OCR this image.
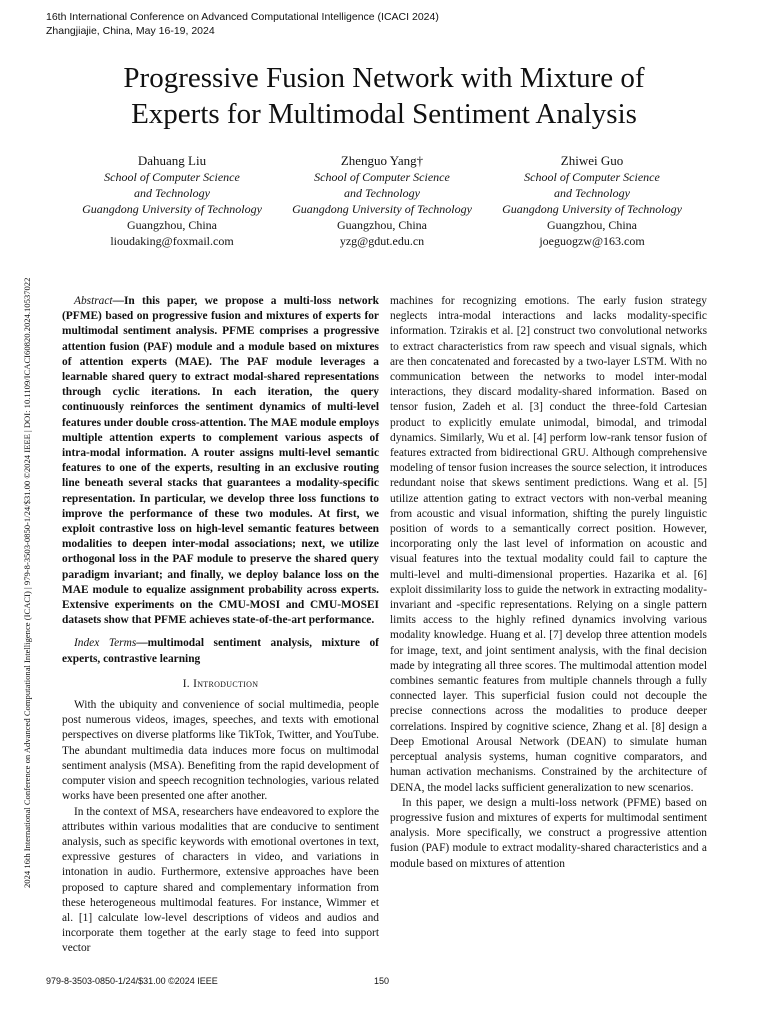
16th International Conference on Advanced Computational Intelligence (ICACI 2024)
Zhangjiajie, China, May 16-19, 2024
2024 16th International Conference on Advanced Computational Intelligence (ICACI) | 979-8-3503-0850-1/24/$31.00 ©2024 IEEE | DOI: 10.1109/ICACI60820.2024.10537022
Progressive Fusion Network with Mixture of
Experts for Multimodal Sentiment Analysis
Dahuang Liu
School of Computer Science
and Technology
Guangdong University of Technology
Guangzhou, China
lioudaking@foxmail.com
Zhenguo Yang†
School of Computer Science
and Technology
Guangdong University of Technology
Guangzhou, China
yzg@gdut.edu.cn
Zhiwei Guo
School of Computer Science
and Technology
Guangdong University of Technology
Guangzhou, China
joeguogzw@163.com

Abstract—In this paper, we propose a multi-loss network (PFME) based on progressive fusion and mixtures of experts for multimodal sentiment analysis. PFME comprises a progressive attention fusion (PAF) module and a module based on mixtures of attention experts (MAE). The PAF module leverages a learnable shared query to extract modal-shared representations through cyclic iterations. In each iteration, the query continuously reinforces the sentiment dynamics of multi-level features under double cross-attention. The MAE module employs multiple attention experts to complement various aspects of intra-modal information. A router assigns multi-level semantic features to one of the experts, resulting in an exclusive routing line beneath several stacks that guarantees a modality-specific representation. In particular, we develop three loss functions to improve the performance of these two modules. At first, we exploit contrastive loss on high-level semantic features between modalities to deepen inter-modal associations; next, we utilize orthogonal loss in the PAF module to preserve the shared query paradigm invariant; and finally, we deploy balance loss on the MAE module to equalize assignment probability across experts. Extensive experiments on the CMU-MOSI and CMU-MOSEI datasets show that PFME achieves state-of-the-art performance.

Index Terms—multimodal sentiment analysis, mixture of experts, contrastive learning

I. Introduction

With the ubiquity and convenience of social multimedia, people post numerous videos, images, speeches, and texts with emotional perspectives on diverse platforms like TikTok, Twitter, and YouTube. The abundant multimedia data induces more focus on multimodal sentiment analysis (MSA). Benefiting from the rapid development of computer vision and speech recognition technologies, various related works have been presented one after another.

In the context of MSA, researchers have endeavored to explore the attributes within various modalities that are conducive to sentiment analysis, such as specific keywords with emotional overtones in text, expressive gestures of characters in video, and variations in intonation in audio. Furthermore, extensive approaches have been proposed to capture shared and complementary information from these heterogeneous multimodal features. For instance, Wimmer et al. [1] calculate low-level descriptions of videos and audios and incorporate them together at the early stage to feed into support vector

machines for recognizing emotions. The early fusion strategy neglects intra-modal interactions and lacks modality-specific information. Tzirakis et al. [2] construct two convolutional networks to extract characteristics from raw speech and visual signals, which are then concatenated and forecasted by a two-layer LSTM. With no communication between the networks to model inter-modal interactions, they discard modality-shared information. Based on tensor fusion, Zadeh et al. [3] conduct the three-fold Cartesian product to explicitly emulate unimodal, bimodal, and trimodal dynamics. Similarly, Wu et al. [4] perform low-rank tensor fusion of features extracted from bidirectional GRU. Although comprehensive modeling of tensor fusion increases the source selection, it introduces redundant noise that skews sentiment predictions. Wang et al. [5] utilize attention gating to extract vectors with non-verbal meaning from acoustic and visual information, shifting the purely linguistic position of words to a semantically correct position. However, incorporating only the last level of information on acoustic and visual features into the textual modality could fail to capture the multi-level and multi-dimensional properties. Hazarika et al. [6] exploit dissimilarity loss to guide the network in extracting modality-invariant and -specific representations. Relying on a single pattern limits access to the highly refined dynamics involving various modality knowledge. Huang et al. [7] develop three attention models for image, text, and joint sentiment analysis, with the final decision made by integrating all three scores. The multimodal attention model combines semantic features from multiple channels through a fully connected layer. This superficial fusion could not decouple the precise connections across the modalities to produce deeper correlations. Inspired by cognitive science, Zhang et al. [8] design a Deep Emotional Arousal Network (DEAN) to simulate human perceptual analysis systems, human cognitive comparators, and human activation mechanisms. Constrained by the architecture of DENA, the model lacks sufficient generalization to new scenarios.

In this paper, we design a multi-loss network (PFME) based on progressive fusion and mixtures of experts for multimodal sentiment analysis. More specifically, we construct a progressive attention fusion (PAF) module to extract modality-shared characteristics and a module based on mixtures of attention

979-8-3503-0850-1/24/$31.00 ©2024 IEEE	150
